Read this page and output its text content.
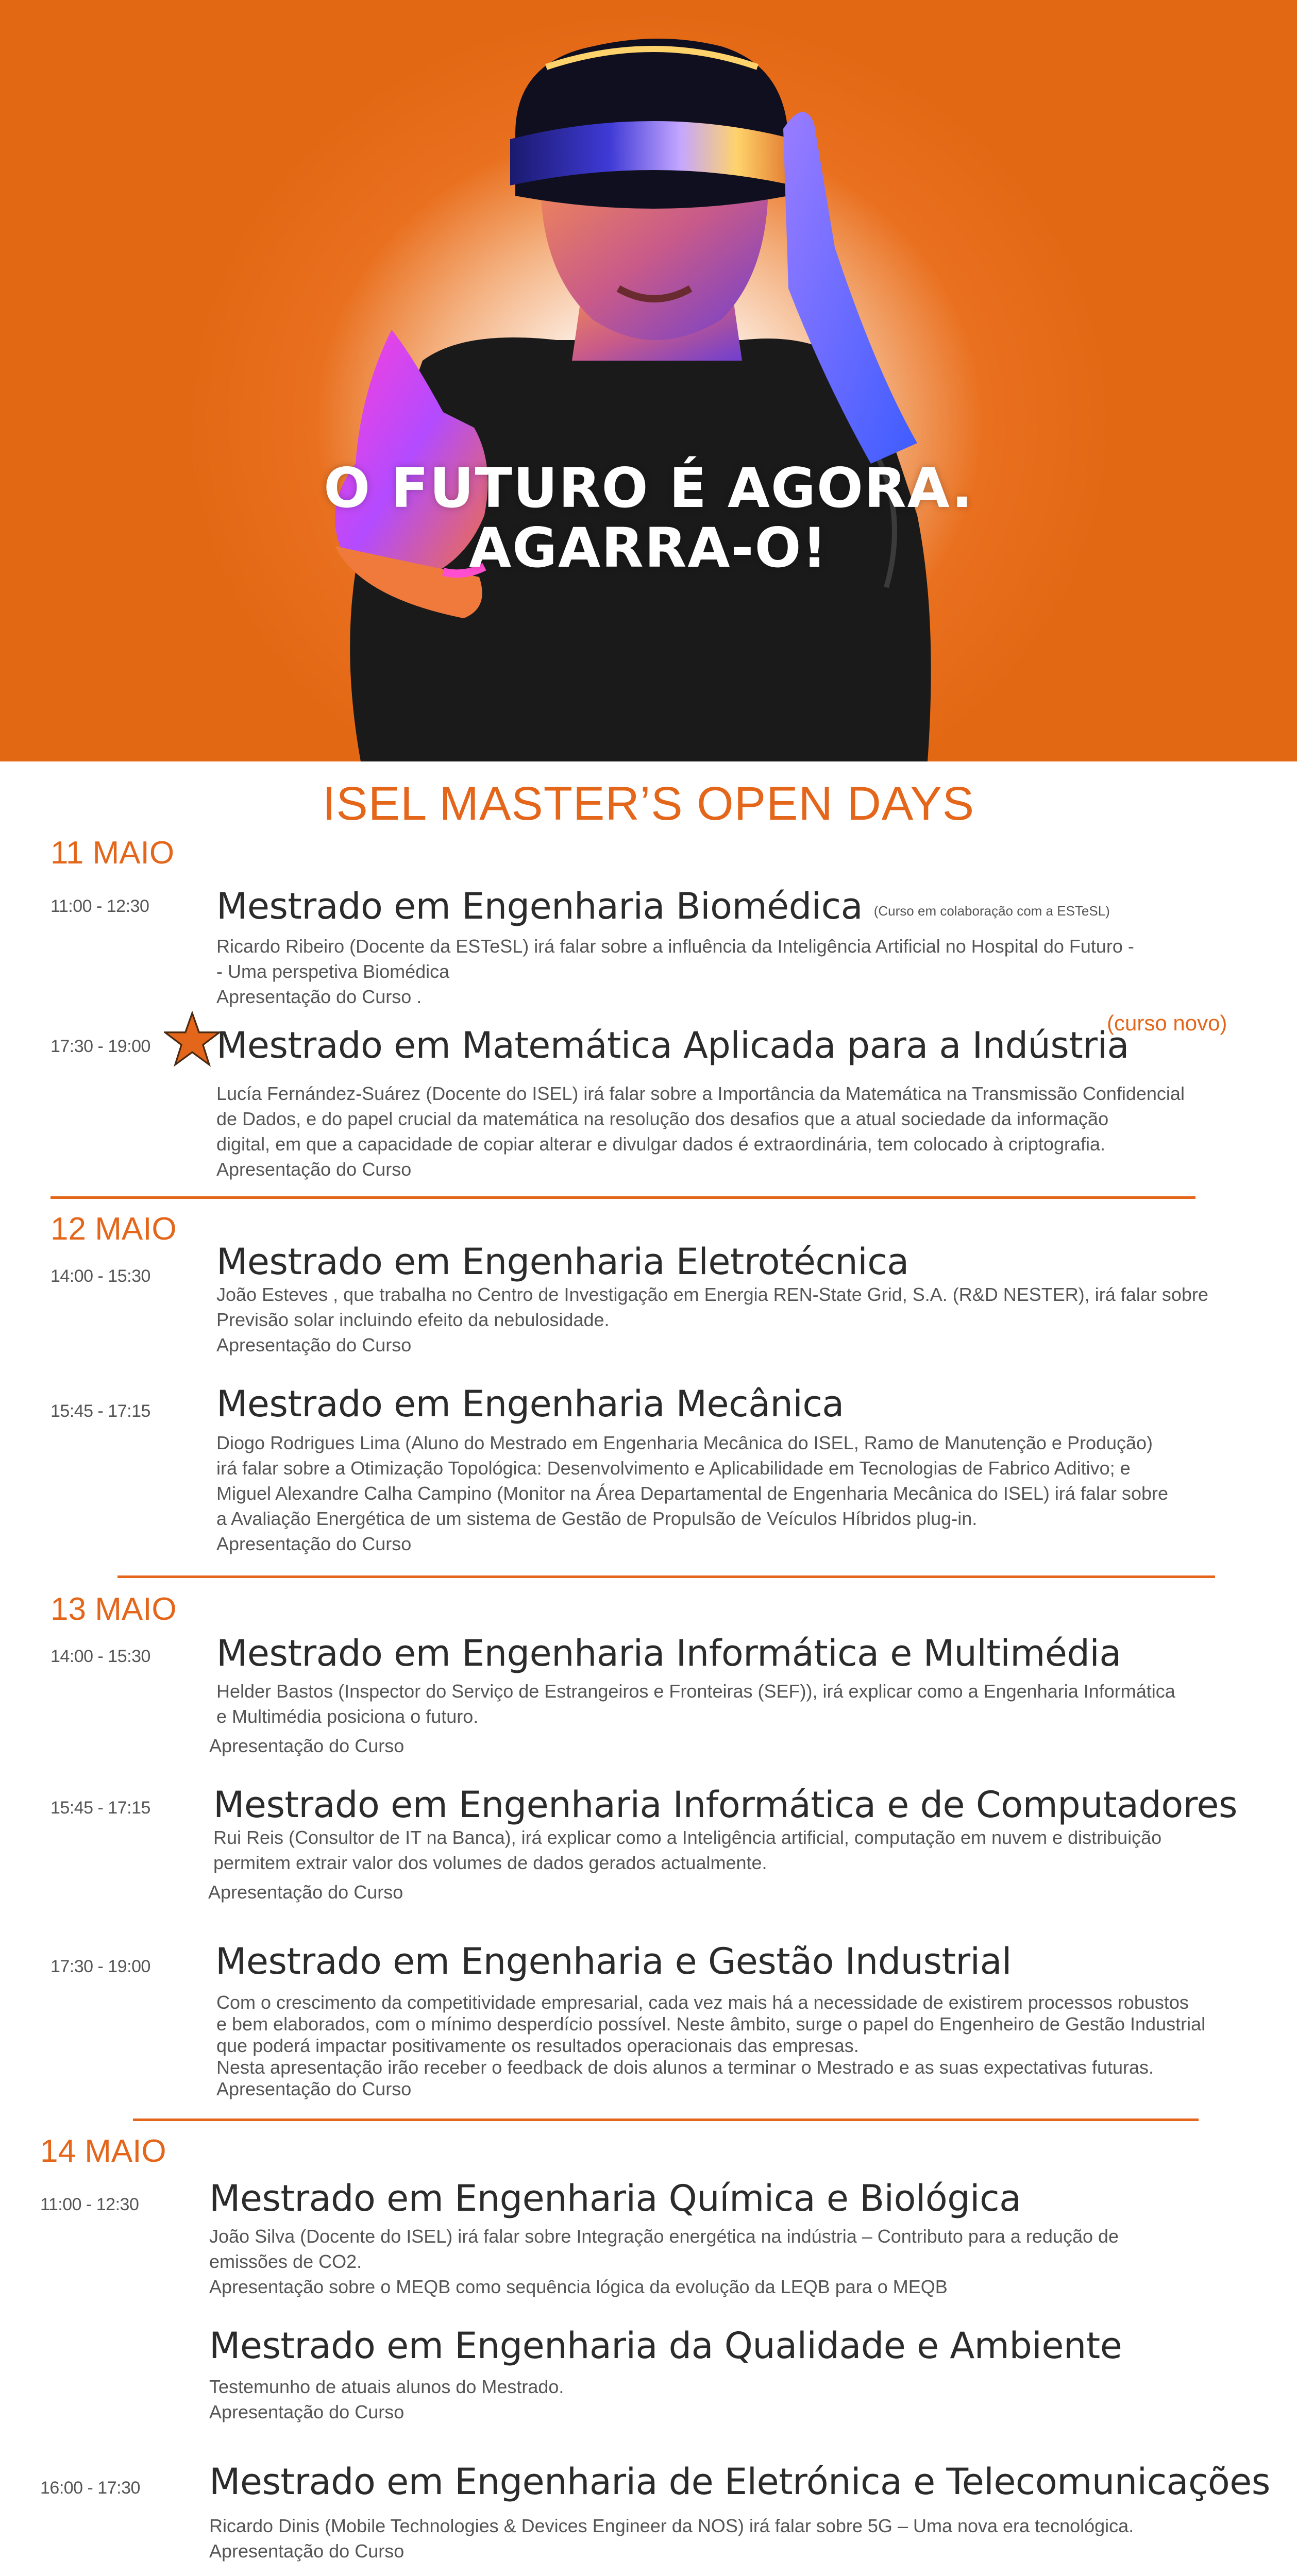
O FUTURO É AGORA.
AGARRA-O!
ISEL MASTER’S OPEN DAYS
11 MAIO
11:00 - 12:30 Mestrado em Engenharia Biomédica (Curso em colaboração com a ESTeSL)
Ricardo Ribeiro (Docente da ESTeSL) irá falar sobre a influência da Inteligência Artificial no Hospital do Futuro -
- Uma perspetiva Biomédica
Apresentação do Curso .
17:30 - 19:00 Mestrado em Matemática Aplicada para a Indústria
(curso novo)
Lucía Fernández-Suárez (Docente do ISEL) irá falar sobre a Importância da Matemática na Transmissão Confidencial
de Dados, e do papel crucial da matemática na resolução dos desafios que a atual sociedade da informação
digital, em que a capacidade de copiar alterar e divulgar dados é extraordinária, tem colocado à criptografia.
Apresentação do Curso
12 MAIO
14:00 - 15:30 Mestrado em Engenharia Eletrotécnica
João Esteves , que trabalha no Centro de Investigação em Energia REN-State Grid, S.A. (R&D NESTER), irá falar sobre
Previsão solar incluindo efeito da nebulosidade.
Apresentação do Curso
15:45 - 17:15 Mestrado em Engenharia Mecânica
Diogo Rodrigues Lima (Aluno do Mestrado em Engenharia Mecânica do ISEL, Ramo de Manutenção e Produção)
irá falar sobre a Otimização Topológica: Desenvolvimento e Aplicabilidade em Tecnologias de Fabrico Aditivo; e
Miguel Alexandre Calha Campino (Monitor na Área Departamental de Engenharia Mecânica do ISEL) irá falar sobre
a Avaliação Energética de um sistema de Gestão de Propulsão de Veículos Híbridos plug-in.
Apresentação do Curso
13 MAIO
14:00 - 15:30 Mestrado em Engenharia Informática e Multimédia
Helder Bastos (Inspector do Serviço de Estrangeiros e Fronteiras (SEF)), irá explicar como a Engenharia Informática
e Multimédia posiciona o futuro.
Apresentação do Curso
15:45 - 17:15 Mestrado em Engenharia Informática e de Computadores
Rui Reis (Consultor de IT na Banca), irá explicar como a Inteligência artificial, computação em nuvem e distribuição
permitem extrair valor dos volumes de dados gerados actualmente.
Apresentação do Curso
17:30 - 19:00 Mestrado em Engenharia e Gestão Industrial
Com o crescimento da competitividade empresarial, cada vez mais há a necessidade de existirem processos robustos
e bem elaborados, com o mínimo desperdício possível. Neste âmbito, surge o papel do Engenheiro de Gestão Industrial
que poderá impactar positivamente os resultados operacionais das empresas.
Nesta apresentação irão receber o feedback de dois alunos a terminar o Mestrado e as suas expectativas futuras.
Apresentação do Curso
14 MAIO
11:00 - 12:30 Mestrado em Engenharia Química e Biológica
João Silva (Docente do ISEL) irá falar sobre Integração energética na indústria – Contributo para a redução de
emissões de CO2.
Apresentação sobre o MEQB como sequência lógica da evolução da LEQB para o MEQB
Mestrado em Engenharia da Qualidade e Ambiente
Testemunho de atuais alunos do Mestrado.
Apresentação do Curso
16:00 - 17:30 Mestrado em Engenharia de Eletrónica e Telecomunicações
Ricardo Dinis (Mobile Technologies & Devices Engineer da NOS) irá falar sobre 5G – Uma nova era tecnológica.
Apresentação do Curso
